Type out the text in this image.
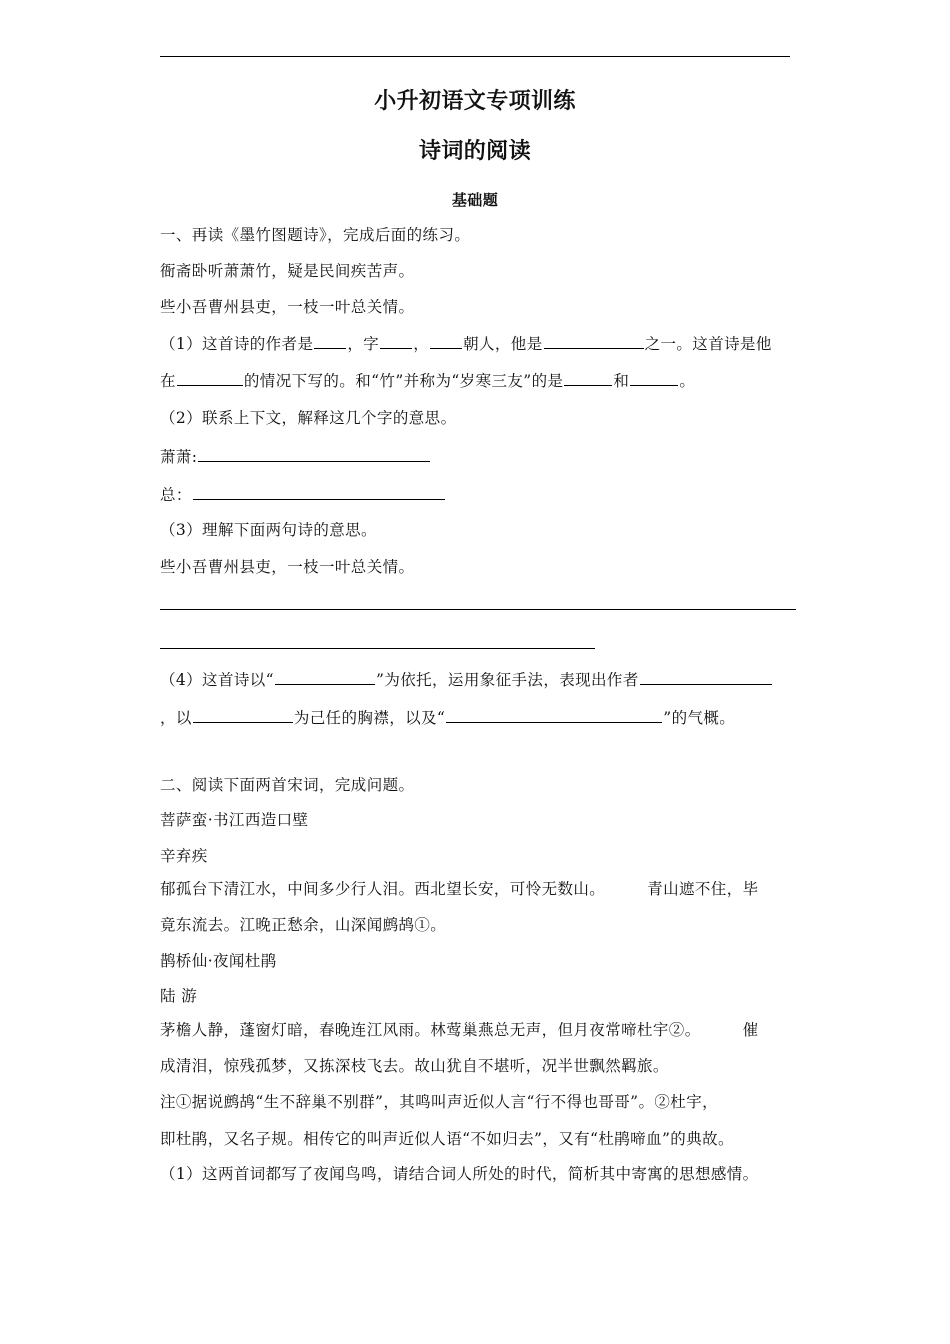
小升初语文专项训练
诗词的阅读
基础题
一、再读《墨竹图题诗》，完成后面的练习。
衙斋卧听萧萧竹，疑是民间疾苦声。
些小吾曹州县吏，一枝一叶总关情。
（1）这首诗的作者是 ，字 ， 朝人，他是	之一。这首诗是他
在	的情况下写的。和“竹”并称为“岁寒三友”的是	和	。
（2）联系上下文，解释这几个字的意思。
萧萧:
总：
（3）理解下面两句诗的意思。
些小吾曹州县吏，一枝一叶总关情。
（4）这首诗以“	”为依托，运用象征手法，表现出作者
，以	为己任的胸襟，以及“	”的气概。
二、阅读下面两首宋词，完成问题。
菩萨蛮·书江西造口壁
辛弃疾
郁孤台下清江水，中间多少行人泪。西北望长安，可怜无数山。	青山遮不住，毕
竟东流去。江晚正愁余，山深闻鹧鸪①。
鹊桥仙·夜闻杜鹃
陆 游
茅檐人静，蓬窗灯暗，春晚连江风雨。林莺巢燕总无声，但月夜常啼杜宇②。	催
成清泪，惊残孤梦，又拣深枝飞去。故山犹自不堪听，况半世飘然羁旅。
注①据说鹧鸪“生不辞巢不别群”，其鸣叫声近似人言“行不得也哥哥”。②杜宇，
即杜鹃，又名子规。相传它的叫声近似人语“不如归去”，又有“杜鹃啼血”的典故。
（1）这两首词都写了夜闻鸟鸣，请结合词人所处的时代，简析其中寄寓的思想感情。
